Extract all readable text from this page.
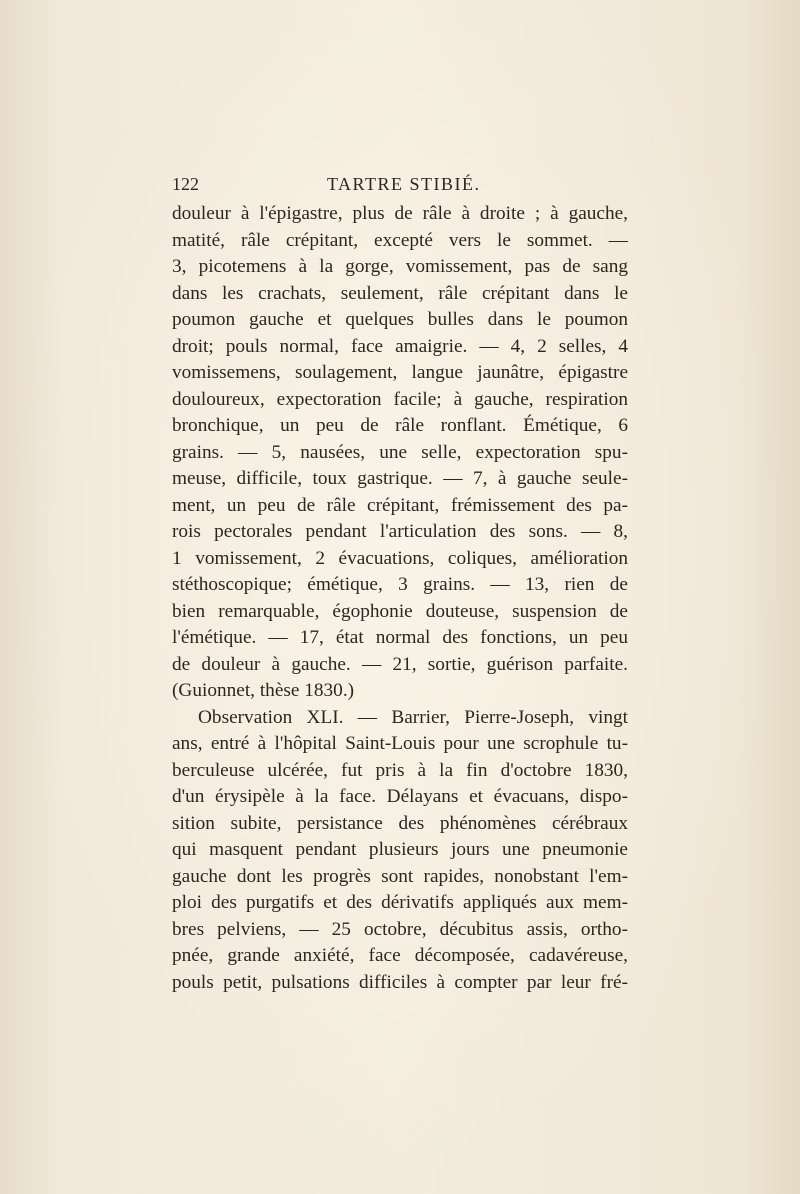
122	TARTRE STIBIÉ.
douleur à l'épigastre, plus de râle à droite ; à gauche,
matité, râle crépitant, excepté vers le sommet. —
3, picotemens à la gorge, vomissement, pas de sang
dans les crachats, seulement, râle crépitant dans le
poumon gauche et quelques bulles dans le poumon
droit; pouls normal, face amaigrie. — 4, 2 selles, 4
vomissemens, soulagement, langue jaunâtre, épigastre
douloureux, expectoration facile; à gauche, respiration
bronchique, un peu de râle ronflant. Émétique, 6
grains. — 5, nausées, une selle, expectoration spu-
meuse, difficile, toux gastrique. — 7, à gauche seule-
ment, un peu de râle crépitant, frémissement des pa-
rois pectorales pendant l'articulation des sons. — 8,
1 vomissement, 2 évacuations, coliques, amélioration
stéthoscopique; émétique, 3 grains. — 13, rien de
bien remarquable, égophonie douteuse, suspension de
l'émétique. — 17, état normal des fonctions, un peu
de douleur à gauche. — 21, sortie, guérison parfaite.
(Guionnet, thèse 1830.)
Observation XLI. — Barrier, Pierre-Joseph, vingt
ans, entré à l'hôpital Saint-Louis pour une scrophule tu-
berculeuse ulcérée, fut pris à la fin d'octobre 1830,
d'un érysipèle à la face. Délayans et évacuans, dispo-
sition subite, persistance des phénomènes cérébraux
qui masquent pendant plusieurs jours une pneumonie
gauche dont les progrès sont rapides, nonobstant l'em-
ploi des purgatifs et des dérivatifs appliqués aux mem-
bres pelviens, — 25 octobre, décubitus assis, ortho-
pnée, grande anxiété, face décomposée, cadavéreuse,
pouls petit, pulsations difficiles à compter par leur fré-
